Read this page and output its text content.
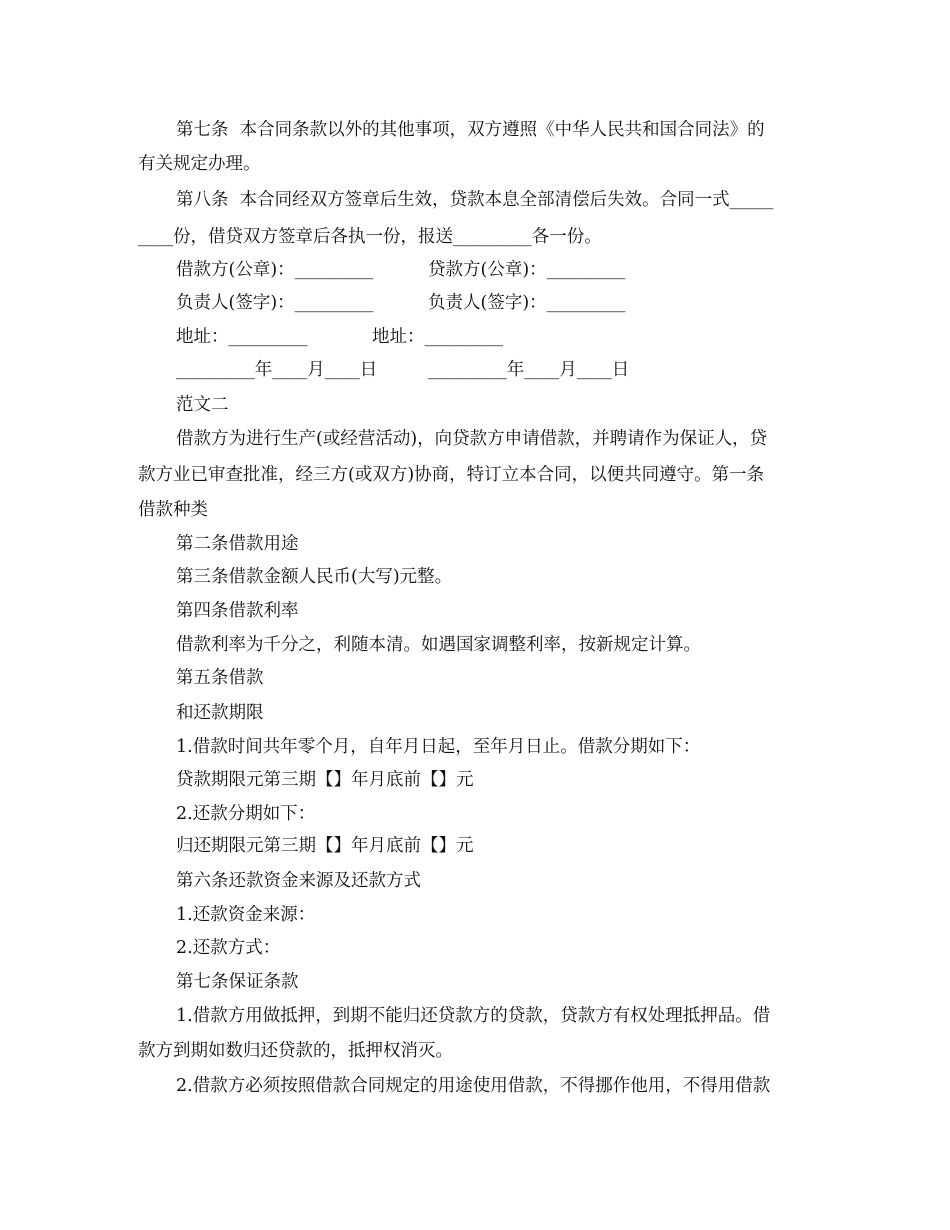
第七条  本合同条款以外的其他事项，双方遵照《中华人民共和国合同法》的
有关规定办理。
第八条  本合同经双方签章后生效，贷款本息全部清偿后失效。合同一式_____
____份，借贷双方签章后各执一份，报送_________各一份。
借款方(公章)：_________	贷款方(公章)：_________
负责人(签字)：_________	负责人(签字)：_________
地址：_________	地址：_________
_________年____月____日	_________年____月____日
范文二
借款方为进行生产(或经营活动)，向贷款方申请借款，并聘请作为保证人，贷
款方业已审查批准，经三方(或双方)协商，特订立本合同，以便共同遵守。第一条
借款种类
第二条借款用途
第三条借款金额人民币(大写)元整。
第四条借款利率
借款利率为千分之，利随本清。如遇国家调整利率，按新规定计算。
第五条借款
和还款期限
1.借款时间共年零个月，自年月日起，至年月日止。借款分期如下：
贷款期限元第三期【】年月底前【】元
2.还款分期如下：
归还期限元第三期【】年月底前【】元
第六条还款资金来源及还款方式
1.还款资金来源：
2.还款方式：
第七条保证条款
1.借款方用做抵押，到期不能归还贷款方的贷款，贷款方有权处理抵押品。借
款方到期如数归还贷款的，抵押权消灭。
2.借款方必须按照借款合同规定的用途使用借款，不得挪作他用，不得用借款
